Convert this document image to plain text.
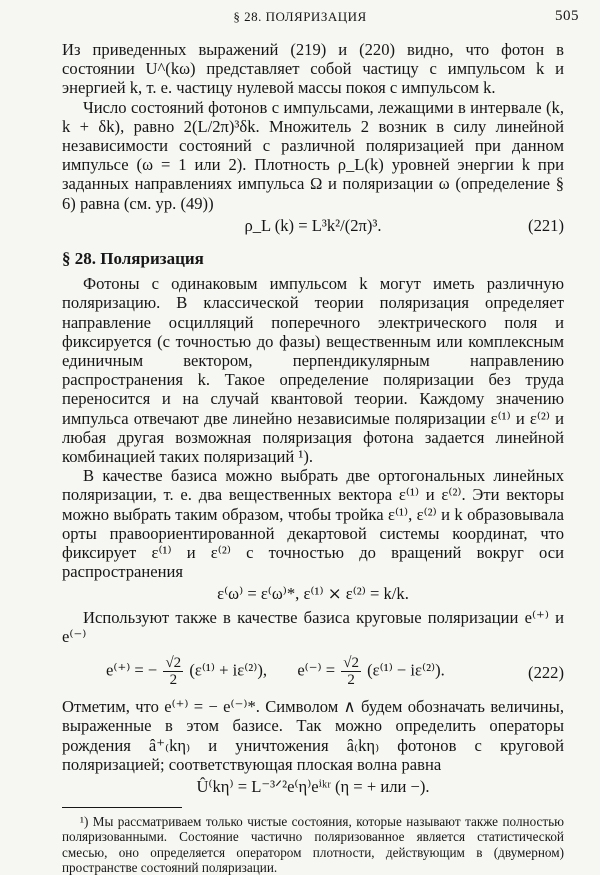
§ 28. ПОЛЯРИЗАЦИЯ	505

Из приведенных выражений (219) и (220) видно, что фотон в состоянии U^(kω) представляет собой частицу с импульсом k и энергией k, т. е. частицу нулевой массы покоя с импульсом k.

Число состояний фотонов с импульсами, лежащими в интервале (k, k + δk), равно 2(L/2π)³δk. Множитель 2 возник в силу линейной независимости состояний с различной поляризацией при данном импульсе (ω = 1 или 2). Плотность ρ_L(k) уровней энергии k при заданных направлениях импульса Ω и поляризации ω (определение § 6) равна (см. ур. (49))

ρ_L (k) = L³k²/(2π)³.	(221)
§ 28. Поляризация

Фотоны с одинаковым импульсом k могут иметь различную поляризацию. В классической теории поляризация определяет направление осцилляций поперечного электрического поля и фиксируется (с точностью до фазы) вещественным или комплексным единичным вектором, перпендикулярным направлению распространения k. Такое определение поляризации без труда переносится и на случай квантовой теории. Каждому значению импульса отвечают две линейно независимые поляризации ε⁽¹⁾ и ε⁽²⁾ и любая другая возможная поляризация фотона задается линейной комбинацией таких поляризаций ¹).

В качестве базиса можно выбрать две ортогональных линейных поляризации, т. е. два вещественных вектора ε⁽¹⁾ и ε⁽²⁾. Эти векторы можно выбрать таким образом, чтобы тройка ε⁽¹⁾, ε⁽²⁾ и k образовывала орты правоориентированной декартовой системы координат, что фиксирует ε⁽¹⁾ и ε⁽²⁾ с точностью до вращений вокруг оси распространения

ε⁽ω⁾ = ε⁽ω⁾*, ε⁽¹⁾ ⨯ ε⁽²⁾ = k/k.

Используют также в качестве базиса круговые поляризации e⁽⁺⁾ и e⁽⁻⁾

e⁽⁺⁾ = − $\frac{√2}{2} (\varepsilon^{(1)} + i\varepsilon^{(2)})$, $e^{(-)} = \frac{√2}{2} (\varepsilon^{(1)} - i\varepsilon^{(2)})$.	(222)

Отметим, что e⁽⁺⁾ = − e⁽⁻⁾*. Символом ∧ будем обозначать величины, выраженные в этом базисе. Так можно определить операторы рождения â⁺₍kη₎ и уничтожения â₍kη₎ фотонов с круговой поляризацией; соответствующая плоская волна равна

Û⁽kη⁾ = L⁻³ᐟ²e⁽η⁾eⁱᵏʳ (η = + или −).

¹) Мы рассматриваем только чистые состояния, которые называют также полностью поляризованными. Состояние частично поляризованное является статистической смесью, оно определяется оператором плотности, действующим в (двумерном) пространстве состояний поляризации.
